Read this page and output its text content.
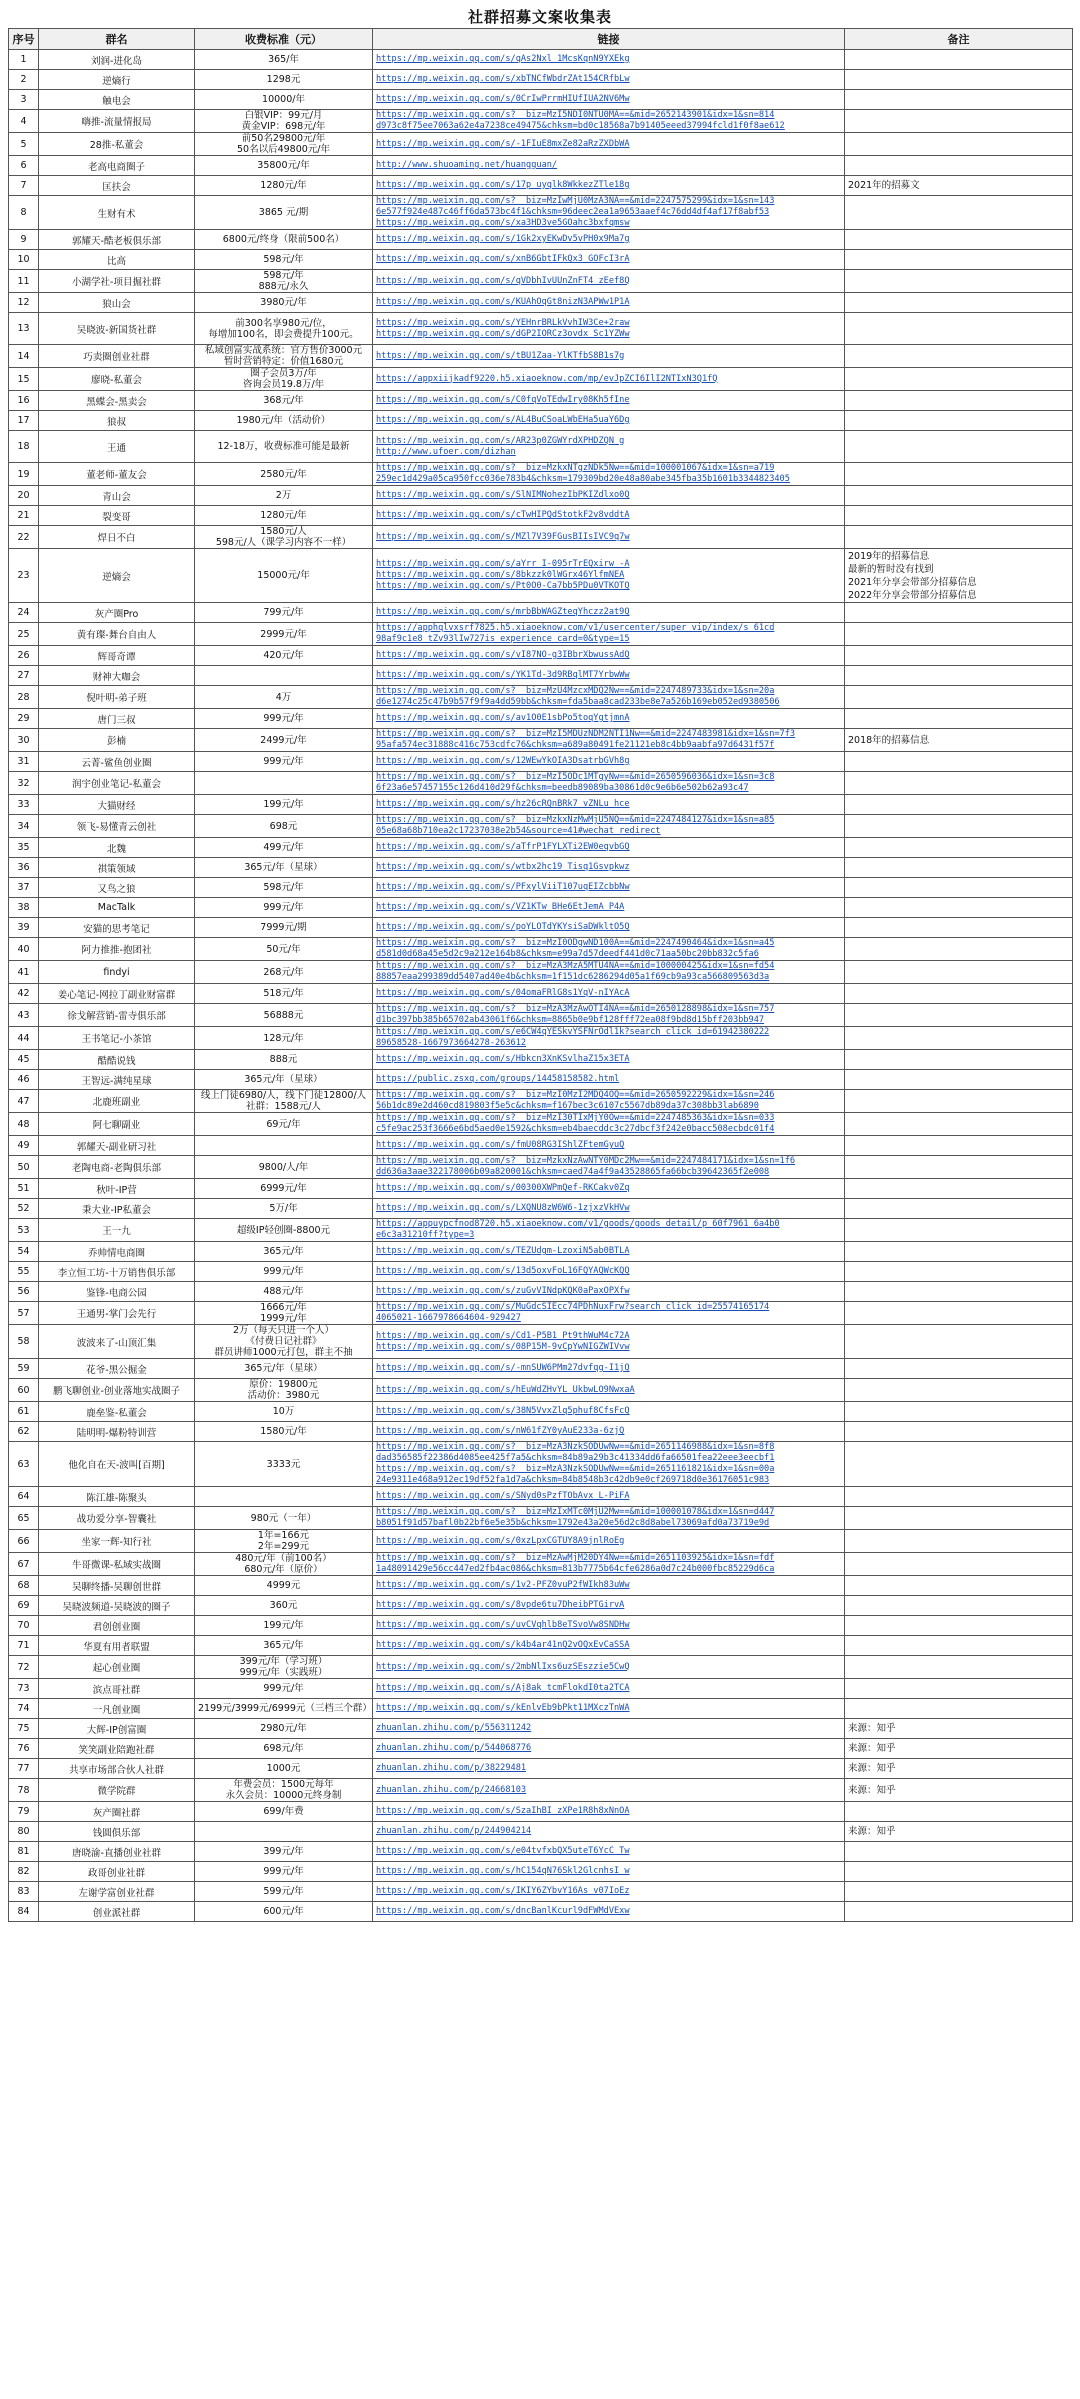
社群招募文案收集表
序号	群名	收费标准（元）	链接	备注
1	刘润-进化岛	365/年	https://mp.weixin.qq.com/s/qAs2Nxl_1McsKqnN9YXEkg	

2	逆熵行	1298元	https://mp.weixin.qq.com/s/xbTNCfWbdrZAt154CRfbLw	

3	触电会	10000/年	https://mp.weixin.qq.com/s/0CrIwPrrmHIUfIUA2NV6Mw	

4	嗨推-流量情报局	白银VIP：99元/月
黄金VIP：698元/年	https://mp.weixin.qq.com/s?__biz=MzI5NDI0NTU0MA==&mid=2652143901&idx=1&sn=814
d973c8f75ee7063a62e4a7238ce49475&chksm=bd0c18568a7b91405eeed37994fcld1f0f8ae612	

5	28推-私董会	前50名29800元/年
50名以后49800元/年	https://mp.weixin.qq.com/s/-1FIuE8mxZe82aRzZXDbWA	

6	老高电商圈子	35800元/年	http://www.shuoaming.net/huangguan/	

7	匡扶会	1280元/年	https://mp.weixin.qq.com/s/17p_uyqlk8WkkezZTle18g	2021年的招募文

8	生财有术	3865 元/期	https://mp.weixin.qq.com/s?__biz=MzIwMjU0MzA3NA==&mid=2247575299&idx=1&sn=143
6e577f924e487c46ff6da573bc4f1&chksm=96deec2ea1a9653aaef4c76dd4df4af17f8abf53
https://mp.weixin.qq.com/s/xa3HD3ve5GOahc3bxfqmsw	

9	郭耀天-酷老板俱乐部	6800元/终身（限前500名）	https://mp.weixin.qq.com/s/1Gk2xyEKwDv5vPH0x9Ma7g	

10	比高	598元/年	https://mp.weixin.qq.com/s/xnB6GbtIFkQx3_GOFcI3rA	

11	小湖学社-项目掘社群	598元/年
888元/永久	https://mp.weixin.qq.com/s/qVDbhIvUUnZnFT4_zEef8Q	

12	狼山会	3980元/年	https://mp.weixin.qq.com/s/KUAhOqGt8nizN3APWw1P1A	

13	吴晓波-新国货社群	前300名享980元/位，
每增加100名，即会费提升100元。	https://mp.weixin.qq.com/s/YEHnrBRLkVvhIW3Ce+2raw
https://mp.weixin.qq.com/s/dGP2IORCz3ovdx_Sc1YZWw	

14	巧卖圈创业社群	私域创富实战系统：官方售价3000元
暂时营销特定：价值1680元	https://mp.weixin.qq.com/s/tBU1Zaa-YlKTfbS8B1s7g	

15	廖晓-私董会	圈子会员3万/年
咨询会员19.8万/年	https://appxiijkadf9220.h5.xiaoeknow.com/mp/evJpZCI6IlI2NTIxN3Q1fQ	

16	黑蝶会-黑卖会	368元/年	https://mp.weixin.qq.com/s/C0fqVoTEdwIry08Kh5fIne	

17	狼叔	1980元/年（活动价）	https://mp.weixin.qq.com/s/AL4BuCSoaLWbEHa5uaY6Dg	

18	王通	12-18万，收费标准可能是最新	https://mp.weixin.qq.com/s/AR23p0ZGWYrdXPHDZQN_g
http://www.ufoer.com/dizhan	

19	董老师-董友会	2580元/年	https://mp.weixin.qq.com/s?__biz=MzkxNTgzNDk5Nw==&mid=100001067&idx=1&sn=a719
259ec1d429a05ca950fcc036e783b4&chksm=179309bd20e48a80abe345fba35b1601b3344823405	

20	青山会	2万	https://mp.weixin.qq.com/s/SlNIMNohezIbPKIZdlxo0Q	

21	裂变哥	1280元/年	https://mp.weixin.qq.com/s/cTwHIPQdStotkF2v8vddtA	

22	焊日不白	1580元/人
598元/人（课学习内容不一样）	https://mp.weixin.qq.com/s/MZl7V39FGusBIIsIVC9q7w	

23	逆熵会	15000元/年	https://mp.weixin.qq.com/s/aYrr_I-095rTrEQxirw_-A
https://mp.weixin.qq.com/s/8bkzzk0lWGrx46YlfmNEA
https://mp.weixin.qq.com/s/Pt0O0-Ca7bb5PDu0VTKOTQ	2019年的招募信息
最新的暂时没有找到
2021年分享会带部分招募信息
2022年分享会带部分招募信息

24	灰产圈Pro	799元/年	https://mp.weixin.qq.com/s/mrbBbWAGZteqYhczz2at9Q	

25	黄有璨-舞台自由人	2999元/年	https://apphqlvxsrf7825.h5.xiaoeknow.com/v1/usercenter/super_vip/index/s_61cd
98af9c1e8_tZv93lIw727is_experience_card=0&type=15	

26	辉哥奇谭	420元/年	https://mp.weixin.qq.com/s/vI87NO-g3IBbrXbwussAdQ	

27	财神大咖会		https://mp.weixin.qq.com/s/YK1Td-3d9RBqlMT7YrbwWw	

28	倪叶明-弟子班	4万	https://mp.weixin.qq.com/s?__biz=MzU4MzcxMDQ2Nw==&mid=2247489733&idx=1&sn=20a
d6e1274c25c47b9b57f9f9a4dd59bb&chksm=fda5baa8cad233be8e7a526b169eb052ed9380506	

29	唐门三叔	999元/年	https://mp.weixin.qq.com/s/av1O0E1sbPo5toqYgtjmnA	

30	彭楠	2499元/年	https://mp.weixin.qq.com/s?__biz=MzI5MDUzNDM2NTI1Nw==&mid=2247483981&idx=1&sn=7f3
95afa574ec31888c416c753cdfc76&chksm=a689a80491fe21121eb8c4bb9aabfa97d6431f57f	2018年的招募信息

31	云菁-鲨鱼创业圈	999元/年	https://mp.weixin.qq.com/s/12WEwYkOIA3DsatrbGVh8g	

32	润宇创业笔记-私董会		https://mp.weixin.qq.com/s?__biz=MzI5ODc1MTgyNw==&mid=2650596036&idx=1&sn=3c8
6f23a6e57457155c126d410d29f&chksm=beedb89089ba30861d0c9e6b6e502b62a93c47	

33	大猫财经	199元/年	https://mp.weixin.qq.com/s/hz26cRQnBRk7_vZNLu_hce	

34	领飞-易懂青云创社	698元	https://mp.weixin.qq.com/s?__biz=MzkxNzMwMjU5NQ==&mid=2247484127&idx=1&sn=a85
05e68a68b710ea2c17237038e2b54&source=41#wechat_redirect	

35	北魏	499元/年	https://mp.weixin.qq.com/s/aTfrP1FYLXTi2EW0eqvbGQ	

36	祺策领域	365元/年（星球）	https://mp.weixin.qq.com/s/wtbx2hc19_Tisq1Gsvpkwz	

37	又鸟之狼	598元/年	https://mp.weixin.qq.com/s/PFxylViiT107uqEIZcbbNw	

38	MacTalk	999元/年	https://mp.weixin.qq.com/s/VZ1KTw_BHe6EtJemA_P4A	

39	安猫的思考笔记	7999元/期	https://mp.weixin.qq.com/s/poYLOTdYKYsiSaDWkltO5Q	

40	阿力推推-抱团社	50元/年	https://mp.weixin.qq.com/s?__biz=MzI0ODgwND100A==&mid=2247490464&idx=1&sn=a45
d581d0d68a45e5d2c9a212e164b8&chksm=e99a7d57deedf441d0c71aa50bc20bb832c5fa6	

41	findyi	268元/年	https://mp.weixin.qq.com/s?__biz=MzA3MzA5MTU4NA==&mid=100000425&idx=1&sn=fd54
88857eaa299389dd5407ad40e4b&chksm=1f151dc6286294d05a1f69cb9a93ca566809563d3a	

42	姜心笔记-网拉丁副业财富群	518元/年	https://mp.weixin.qq.com/s/04omaFRlG8s1YqV-nIYAcA	

43	徐戈解营销-雷寺俱乐部	56888元	https://mp.weixin.qq.com/s?__biz=MzA3MzAwOTI4NA==&mid=2650128898&idx=1&sn=757
d1bc397bb385b65702ab43061f6&chksm=8865b0e9bf128fff72ea08f9bd8d15bff203bb947	

44	王书笔记-小茶馆	128元/年	https://mp.weixin.qq.com/s/e6CW4qYESkvYSFNrOdl1k?search_click_id=61942380222
89658528-1667973664278-263612	

45	酷酷说钱	888元	https://mp.weixin.qq.com/s/Hbkcn3XnKSvlhaZ15x3ETA	

46	王智远-满纯星球	365元/年（星球）	https://public.zsxq.com/groups/14458158582.html	

47	北鹿班副业	线上门徒6980/人，线下门徒12800/人
社群：1588元/人	https://mp.weixin.qq.com/s?__biz=MzI0MzI2MDQ4OQ==&mid=2650592229&idx=1&sn=246
56b1dc89e2d460cd819803f5e5c&chksm=f167bec3c6107c5567db89da37c308bb3lab6890	

48	阿七聊副业	69元/年	https://mp.weixin.qq.com/s?__biz=MzI30TIxMjY0Ow==&mid=2247485363&idx=1&sn=033
c5fe9ac253f3666e6bd5aed0e1592&chksm=eb4baecddc3c27dbcf3f242e0bacc508ecbdc01f4	

49	郭耀天-副业研习社		https://mp.weixin.qq.com/s/fmU08RG3IShlZFtemGyuQ	

50	老陶电商-老陶俱乐部	9800/人/年	https://mp.weixin.qq.com/s?__biz=MzkxNzAwNTY0MDc2Mw==&mid=2247484171&idx=1&sn=1f6
dd636a3aae322178006b09a820001&chksm=caed74a4f9a43528865fa66bcb39642365f2e008	

51	秋叶-IP营	6999元/年	https://mp.weixin.qq.com/s/00300XWPmQef-RKCakv0Zq	

52	秉大业-IP私董会	5万/年	https://mp.weixin.qq.com/s/LXQNU8zW6W6-1zjxzVkHVw	

53	王一九	超级IP轻创圈-8800元	https://appuypcfnod8720.h5.xiaoeknow.com/v1/goods/goods_detail/p_60f7961 6a4b0
e6c3a31210ff?type=3	

54	乔帅情电商圈	365元/年	https://mp.weixin.qq.com/s/TEZUdgm-LzoxiN5ab0BTLA	

55	李立恒工坊-十万销售俱乐部	999元/年	https://mp.weixin.qq.com/s/13d5oxvFoL16FQYAQWcKQQ	

56	鉴锋-电商公园	488元/年	https://mp.weixin.qq.com/s/zuGvVINdpKQK0aPaxOPXfw	

57	王通男-掌门会先行	1666元/年
1999元/年	https://mp.weixin.qq.com/s/MuGdcSIEcc74PDhNuxFrw?search_click_id=25574165174
4065021-1667978664604-929427	

58	波波来了-山顶汇集	2万（每天只进一个人）
《付费日记社群》
群员讲师1000元打包，群主不抽	https://mp.weixin.qq.com/s/Cd1-P5B1_Pt9thWuM4c72A
https://mp.weixin.qq.com/s/08P15M-9vCpYwNIGZWIVvw	

59	花爷-黑公掘金	365元/年（星球）	https://mp.weixin.qq.com/s/-mnSUW6PMm27dvfqg-I1jQ	

60	鹏飞聊创业-创业落地实战圈子	原价：19800元
活动价：3980元	https://mp.weixin.qq.com/s/hEuWdZHvYL_UkbwLO9NwxaA	

61	鹿垒鉴-私董会	10万	https://mp.weixin.qq.com/s/38N5VvxZlq5phuf8CfsFcQ	

62	陆明明-爆粉特训营	1580元/年	https://mp.weixin.qq.com/s/nW61fZY0yAuE233a-6zjQ	

63	他化自在天-波叫[百期]	3333元	https://mp.weixin.qq.com/s?__biz=MzA3NzkSODUwNw==&mid=2651146988&idx=1&sn=8f8
dad356585f22386d4085ee425f7a5&chksm=84b89a29b3c41334dd6fa66501fea22eee3eecbf1
https://mp.weixin.qq.com/s?__biz=MzA3NzkSODUwNw==&mid=2651161821&idx=1&sn=00a
24e9311e468a912ec19df52fa1d7a&chksm=84b8548b3c42db9e0cf269718d0e36176051c983	

64	陈江雄-陈聚头		https://mp.weixin.qq.com/s/SNyd0sPzfTObAvx_L-PiFA	

65	战功爱分享-智囊社	980元（一年）	https://mp.weixin.qq.com/s?__biz=MzIxMTc0MjU2Mw==&mid=100001078&idx=1&sn=d447
b8051f91d57bafl0b22bf6e5e35b&chksm=1792e43a20e56d2c8d8abel73069afd0a73719e9d	

66	坐家一辉-知行社	1年=166元
2年=299元	https://mp.weixin.qq.com/s/0xzLpxCGTUY8A9jnlRoEg	

67	牛哥微课-私域实战圈	480元/年（前100名）
680元/年（原价）	https://mp.weixin.qq.com/s?__biz=MzAwMjM20DY4Nw==&mid=2651103925&idx=1&sn=fdf
1a48091429e56cc447ed2fb4ac086&chksm=813b7775b64cfe6286a0d7c24b000fbc85229d6ca	

68	吴聊终播-吴聊创世群	4999元	https://mp.weixin.qq.com/s/1v2-PFZ0vuP2fWIkh83uWw	

69	吴晓波频道-吴晓波的圈子	360元	https://mp.weixin.qq.com/s/8vpde6tu7DheibPTGirvA	

70	君创创业圈	199元/年	https://mp.weixin.qq.com/s/uvCVqhlb8eTSvoVw8SNDHw	

71	华夏有用者联盟	365元/年	https://mp.weixin.qq.com/s/k4b4ar41nQ2vOQxEvCaSSA	

72	起心创业圈	399元/年（学习班）
999元/年（实践班）	https://mp.weixin.qq.com/s/2mbNlIxs6uzSEszzie5CwQ	

73	滨点哥社群	999元/年	https://mp.weixin.qq.com/s/Aj8ak_tcmFlokdI0ta2TCA	

74	一凡创业圈	2199元/3999元/6999元（三档三个群）	https://mp.weixin.qq.com/s/kEnlvEb9bPkt11MXczTnWA	

75	大辉-IP创富圈	2980元/年	zhuanlan.zhihu.com/p/556311242	来源：知乎

76	笑笑副业陪跑社群	698元/年	zhuanlan.zhihu.com/p/544068776	来源：知乎

77	共享市场部合伙人社群	1000元	zhuanlan.zhihu.com/p/38229481	来源：知乎

78	微学院群	年费会员：1500元每年
永久会员：10000元终身制	zhuanlan.zhihu.com/p/24668103	来源：知乎

79	灰产圈社群	699/年费	https://mp.weixin.qq.com/s/SzaIhBI_zXPe1R8h8xNnOA	

80	钱圆俱乐部		zhuanlan.zhihu.com/p/244904214	来源：知乎

81	唐晓渝-直播创业社群	399元/年	https://mp.weixin.qq.com/s/e04tvfxbQX5uteT6YcC_Tw	

82	政哥创业社群	999元/年	https://mp.weixin.qq.com/s/hC154qN76Skl2GlcnhsI_w	

83	左谢学富创业社群	599元/年	https://mp.weixin.qq.com/s/IKIY6ZYbvY16As_v07IoEz	

84	创业派社群	600元/年	https://mp.weixin.qq.com/s/dncBanlKcurl9dFWMdVExw	
